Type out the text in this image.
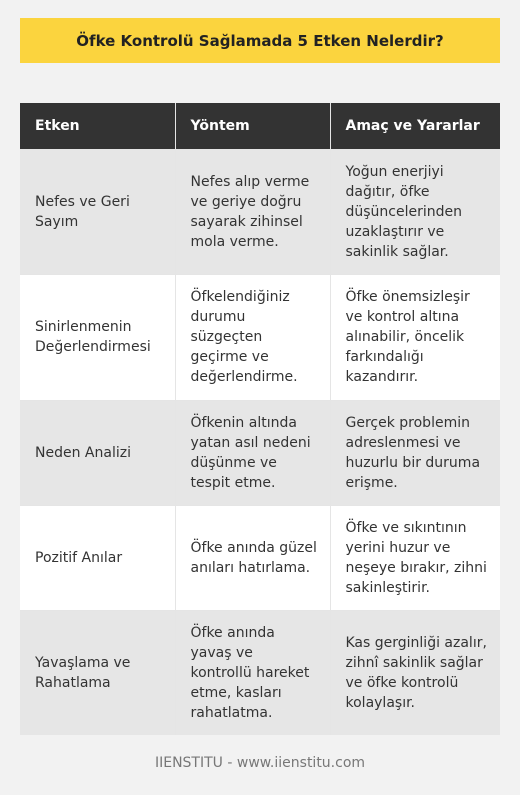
Öfke Kontrolü Sağlamada 5 Etken Nelerdir?
Etken	Yöntem	Amaç ve Yararlar
Nefes ve Geri Sayım	Nefes alıp verme ve geriye doğru sayarak zihinsel mola verme.	Yoğun enerjiyi dağıtır, öfke düşüncelerinden uzaklaştırır ve sakinlik sağlar.
Sinirlenmenin Değerlendirmesi	Öfkelendiğiniz durumu süzgeçten geçirme ve değerlendirme.	Öfke önemsizleşir ve kontrol altına alınabilir, öncelik farkındalığı kazandırır.
Neden Analizi	Öfkenin altında yatan asıl nedeni düşünme ve tespit etme.	Gerçek problemin adreslenmesi ve huzurlu bir duruma erişme.
Pozitif Anılar	Öfke anında güzel anıları hatırlama.	Öfke ve sıkıntının yerini huzur ve neşeye bırakır, zihni sakinleştirir.
Yavaşlama ve Rahatlama	Öfke anında yavaş ve kontrollü hareket etme, kasları rahatlatma.	Kas gerginliği azalır, zihnî sakinlik sağlar ve öfke kontrolü kolaylaşır.
IIENSTITU - www.iienstitu.com
